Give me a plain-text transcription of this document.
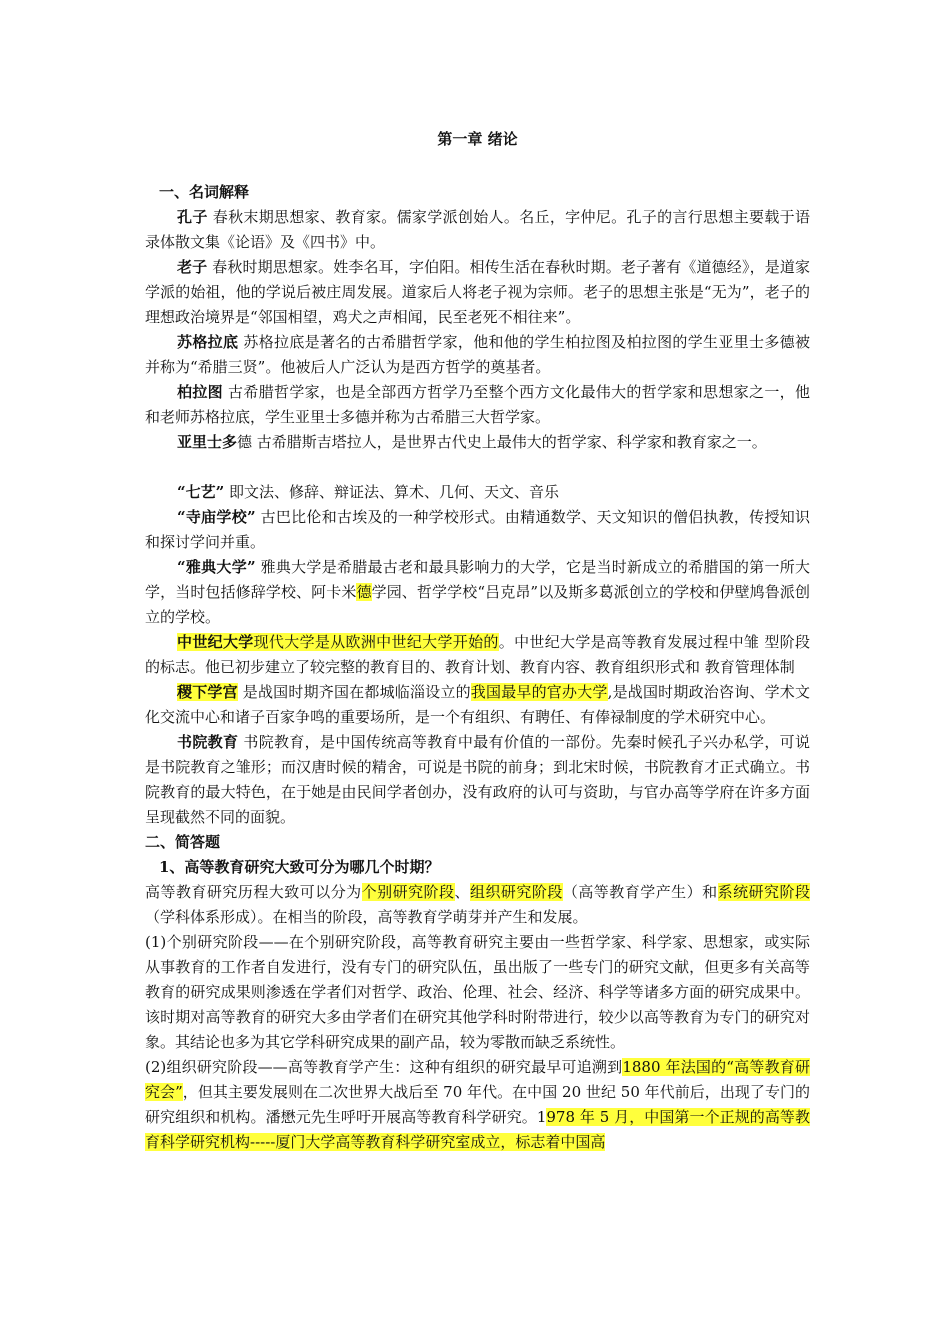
第一章 绪论
一、名词解释

孔子 春秋末期思想家、教育家。儒家学派创始人。名丘，字仲尼。孔子的言行思想主要载于语录体散文集《论语》及《四书》中。

老子 春秋时期思想家。姓李名耳，字伯阳。相传生活在春秋时期。老子著有《道德经》，是道家学派的始祖，他的学说后被庄周发展。道家后人将老子视为宗师。老子的思想主张是“无为”，老子的理想政治境界是“邻国相望，鸡犬之声相闻，民至老死不相往来”。

苏格拉底 苏格拉底是著名的古希腊哲学家，他和他的学生柏拉图及柏拉图的学生亚里士多德被并称为“希腊三贤”。他被后人广泛认为是西方哲学的奠基者。

柏拉图 古希腊哲学家，也是全部西方哲学乃至整个西方文化最伟大的哲学家和思想家之一，他和老师苏格拉底，学生亚里士多德并称为古希腊三大哲学家。

亚里士多德 古希腊斯吉塔拉人，是世界古代史上最伟大的哲学家、科学家和教育家之一。

“七艺” 即文法、修辞、辩证法、算术、几何、天文、音乐

“寺庙学校” 古巴比伦和古埃及的一种学校形式。由精通数学、天文知识的僧侣执教，传授知识和探讨学问并重。

“雅典大学” 雅典大学是希腊最古老和最具影响力的大学，它是当时新成立的希腊国的第一所大学，当时包括修辞学校、阿卡米德学园、哲学学校“吕克昂”以及斯多葛派创立的学校和伊壁鸠鲁派创立的学校。

中世纪大学现代大学是从欧洲中世纪大学开始的。中世纪大学是高等教育发展过程中雏 型阶段的标志。他已初步建立了较完整的教育目的、教育计划、教育内容、教育组织形式和 教育管理体制

稷下学宫 是战国时期齐国在都城临淄设立的我国最早的官办大学,是战国时期政治咨询、学术文化交流中心和诸子百家争鸣的重要场所，是一个有组织、有聘任、有俸禄制度的学术研究中心。

书院教育 书院教育，是中国传统高等教育中最有价值的一部份。先秦时候孔子兴办私学，可说是书院教育之雏形；而汉唐时候的精舍，可说是书院的前身；到北宋时候，书院教育才正式确立。书院教育的最大特色，在于她是由民间学者创办，没有政府的认可与资助，与官办高等学府在许多方面呈现截然不同的面貌。

二、简答题
1、高等教育研究大致可分为哪几个时期？

高等教育研究历程大致可以分为个别研究阶段、组织研究阶段（高等教育学产生）和系统研究阶段（学科体系形成）。在相当的阶段，高等教育学萌芽并产生和发展。

(1)个别研究阶段——在个别研究阶段，高等教育研究主要由一些哲学家、科学家、思想家，或实际从事教育的工作者自发进行，没有专门的研究队伍，虽出版了一些专门的研究文献，但更多有关高等教育的研究成果则渗透在学者们对哲学、政治、伦理、社会、经济、科学等诸多方面的研究成果中。该时期对高等教育的研究大多由学者们在研究其他学科时附带进行，较少以高等教育为专门的研究对象。其结论也多为其它学科研究成果的副产品，较为零散而缺乏系统性。

(2)组织研究阶段——高等教育学产生：这种有组织的研究最早可追溯到1880 年法国的“高等教育研究会”，但其主要发展则在二次世界大战后至 70 年代。在中国 20 世纪 50 年代前后，出现了专门的研究组织和机构。潘懋元先生呼吁开展高等教育科学研究。1978 年 5 月，中国第一个正规的高等教育科学研究机构-----厦门大学高等教育科学研究室成立，标志着中国高
